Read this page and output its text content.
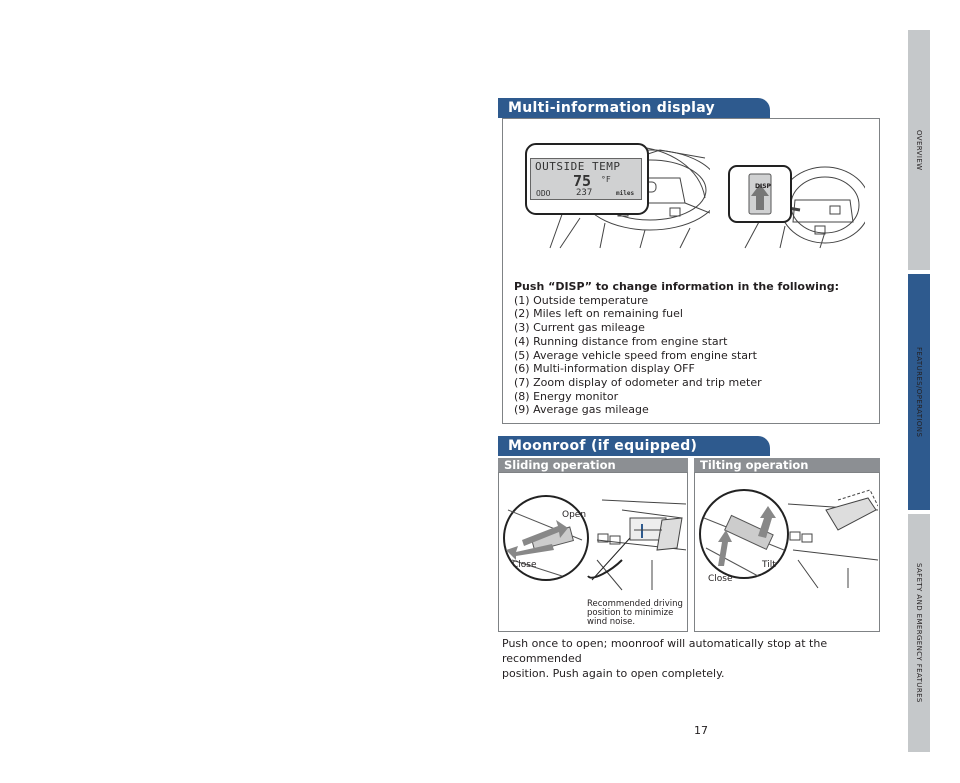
Multi-information display
OUTSIDE TEMP
75 °F
ODO	237	miles
DISP
Push “DISP” to change information in the following:
(1) Outside temperature
(2) Miles left on remaining fuel
(3) Current gas mileage
(4) Running distance from engine start
(5) Average vehicle speed from engine start
(6) Multi-information display OFF
(7) Zoom display of odometer and trip meter
(8) Energy monitor
(9) Average gas mileage
Moonroof (if equipped)
Sliding operation	Tilting operation
Open
Close
Recommended driving
position to minimize
wind noise.
Tilt
Close
Push once to open; moonroof will automatically stop at the recommended
position. Push again to open completely.
17
OVERVIEW
FEATURES/OPERATIONS
SAFETY AND EMERGENCY FEATURES
